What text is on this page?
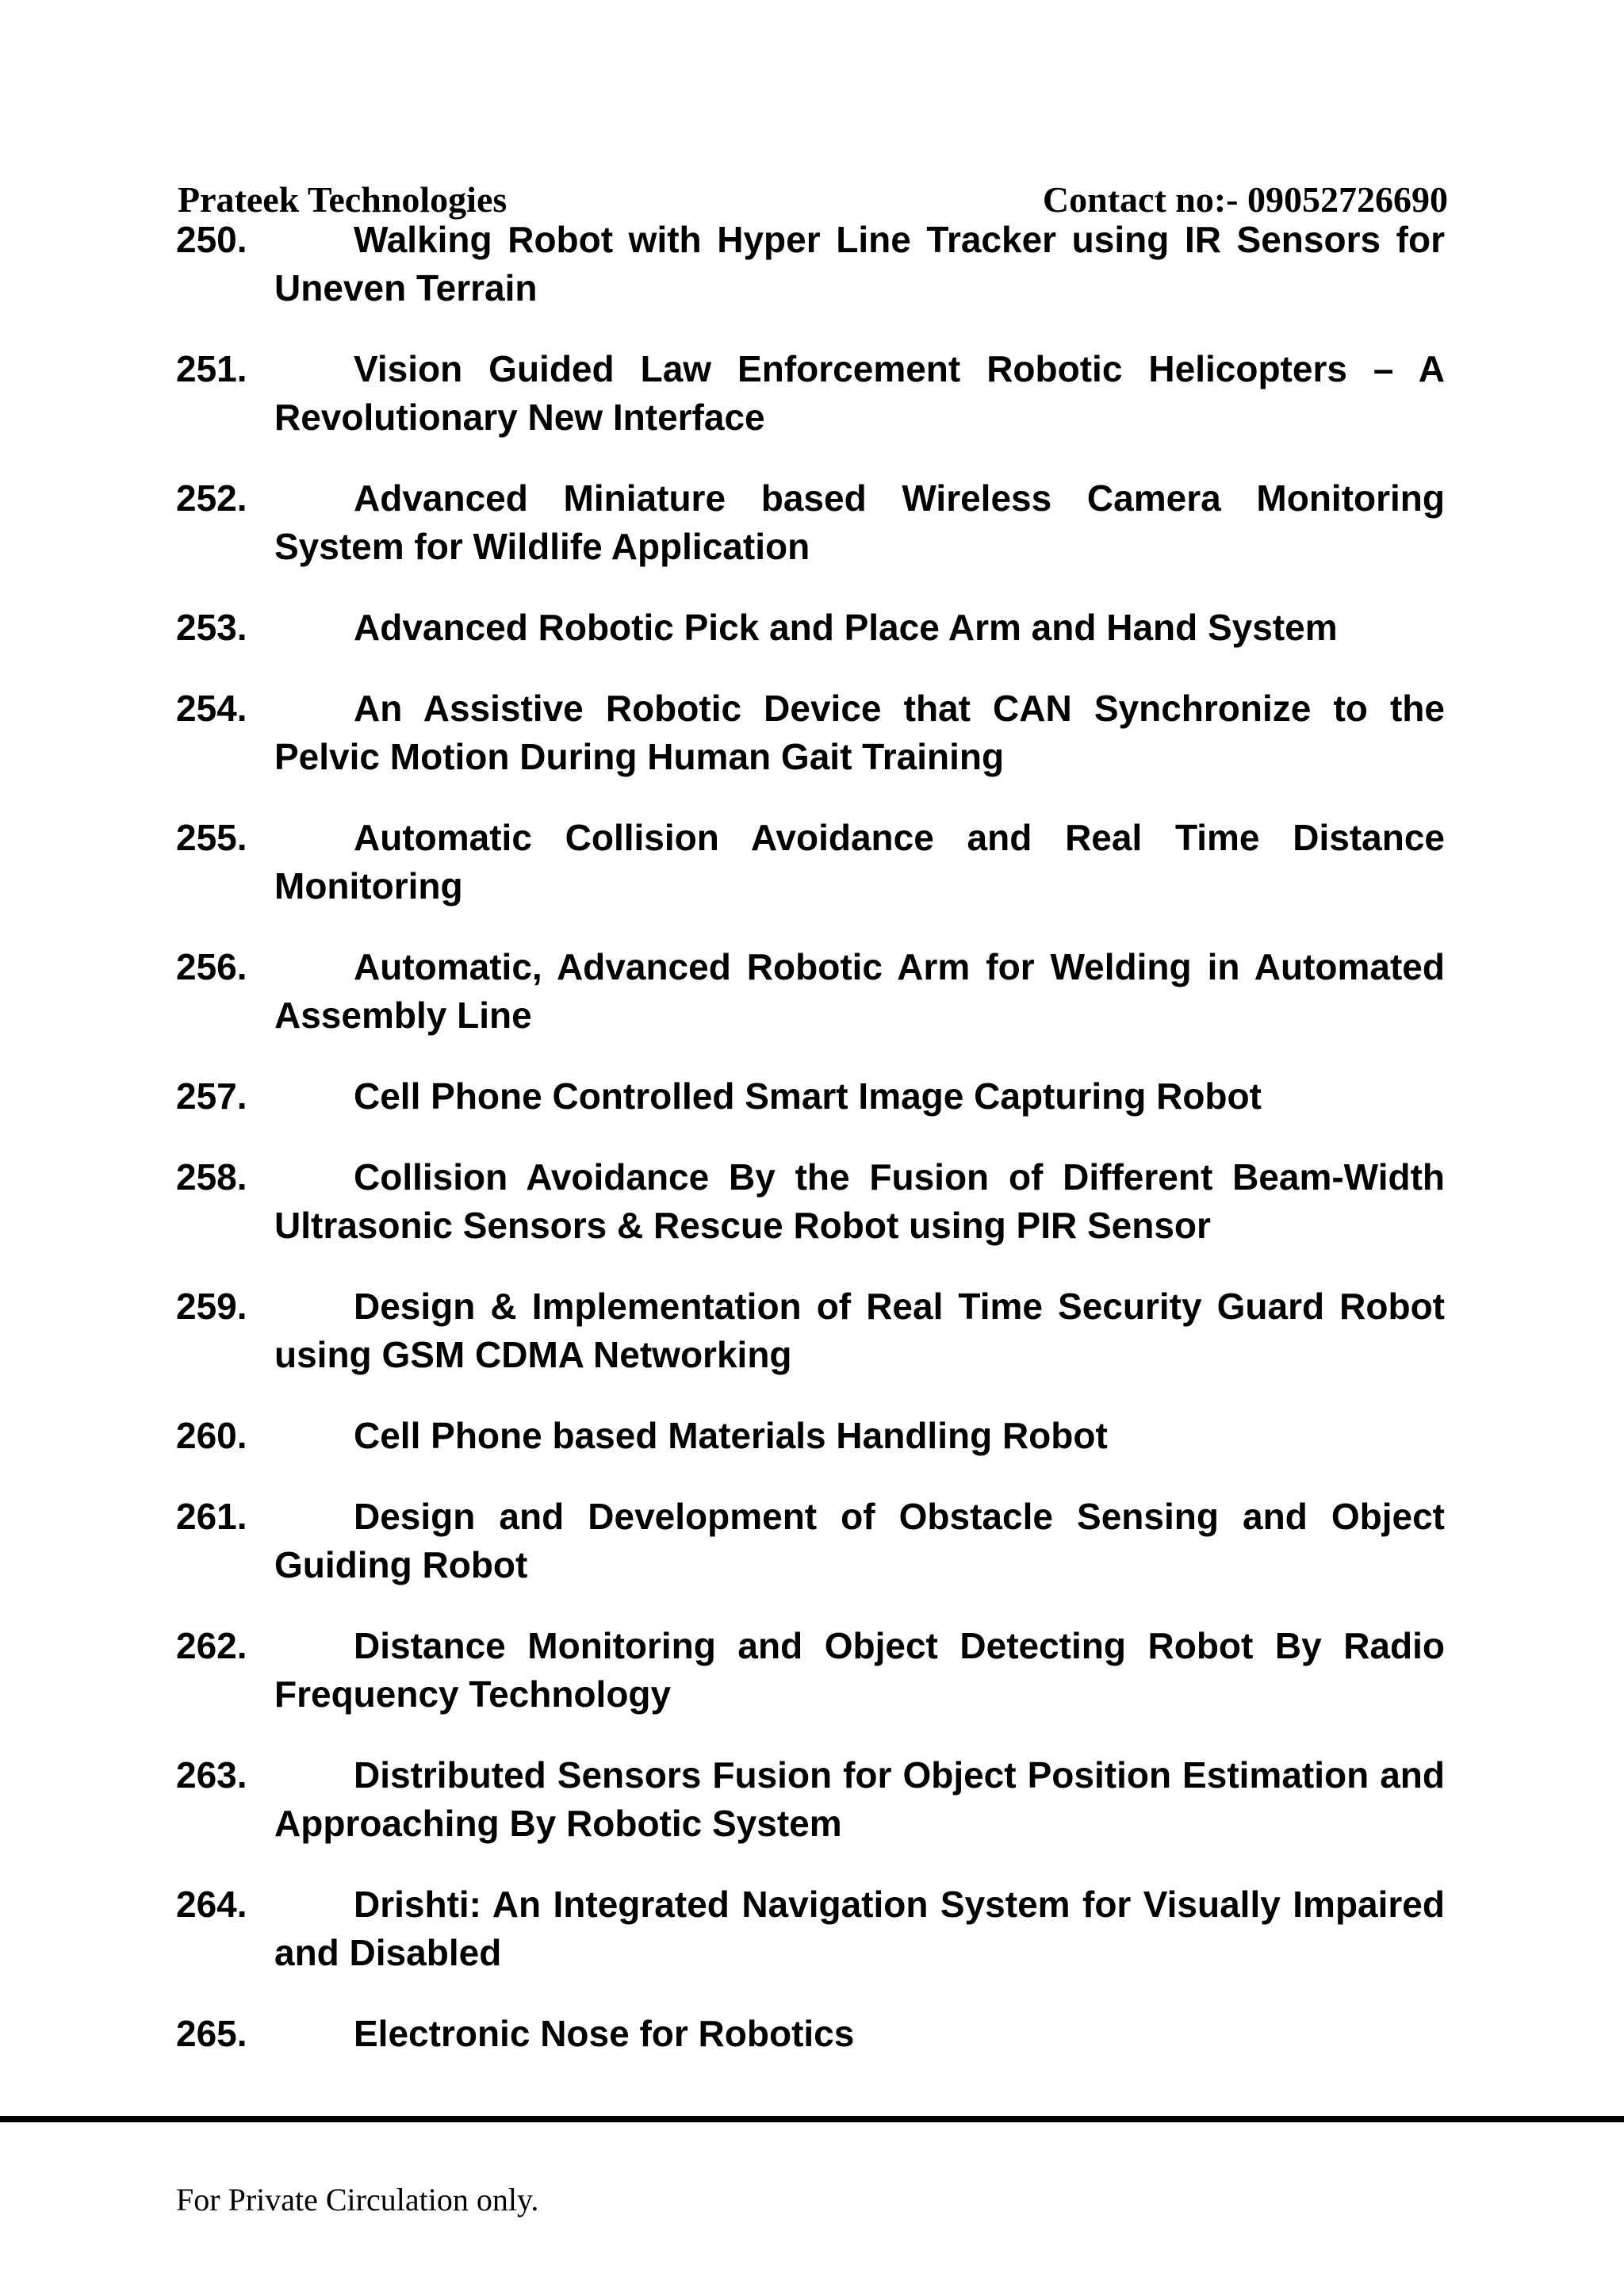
Prateek Technologies	Contact no:- 09052726690
250.	Walking Robot with Hyper Line Tracker using IR Sensors for Uneven Terrain
251.	Vision Guided Law Enforcement Robotic Helicopters – A Revolutionary New Interface
252.	Advanced Miniature based Wireless Camera Monitoring System for Wildlife Application
253.	Advanced Robotic Pick and Place Arm and Hand System
254.	An Assistive Robotic Device that CAN Synchronize to the Pelvic Motion During Human Gait Training
255.	Automatic Collision Avoidance and Real Time Distance Monitoring
256.	Automatic, Advanced Robotic Arm for Welding in Automated Assembly Line
257.	Cell Phone Controlled Smart Image Capturing Robot
258.	Collision Avoidance By the Fusion of Different Beam-Width Ultrasonic Sensors & Rescue Robot using PIR Sensor
259.	Design & Implementation of Real Time Security Guard Robot using GSM CDMA Networking
260.	Cell Phone based Materials Handling Robot
261.	Design and Development of Obstacle Sensing and Object Guiding Robot
262.	Distance Monitoring and Object Detecting Robot By Radio Frequency Technology
263.	Distributed Sensors Fusion for Object Position Estimation and Approaching By Robotic System
264.	Drishti: An Integrated Navigation System for Visually Impaired and Disabled
265.	Electronic Nose for Robotics
For Private Circulation only.
